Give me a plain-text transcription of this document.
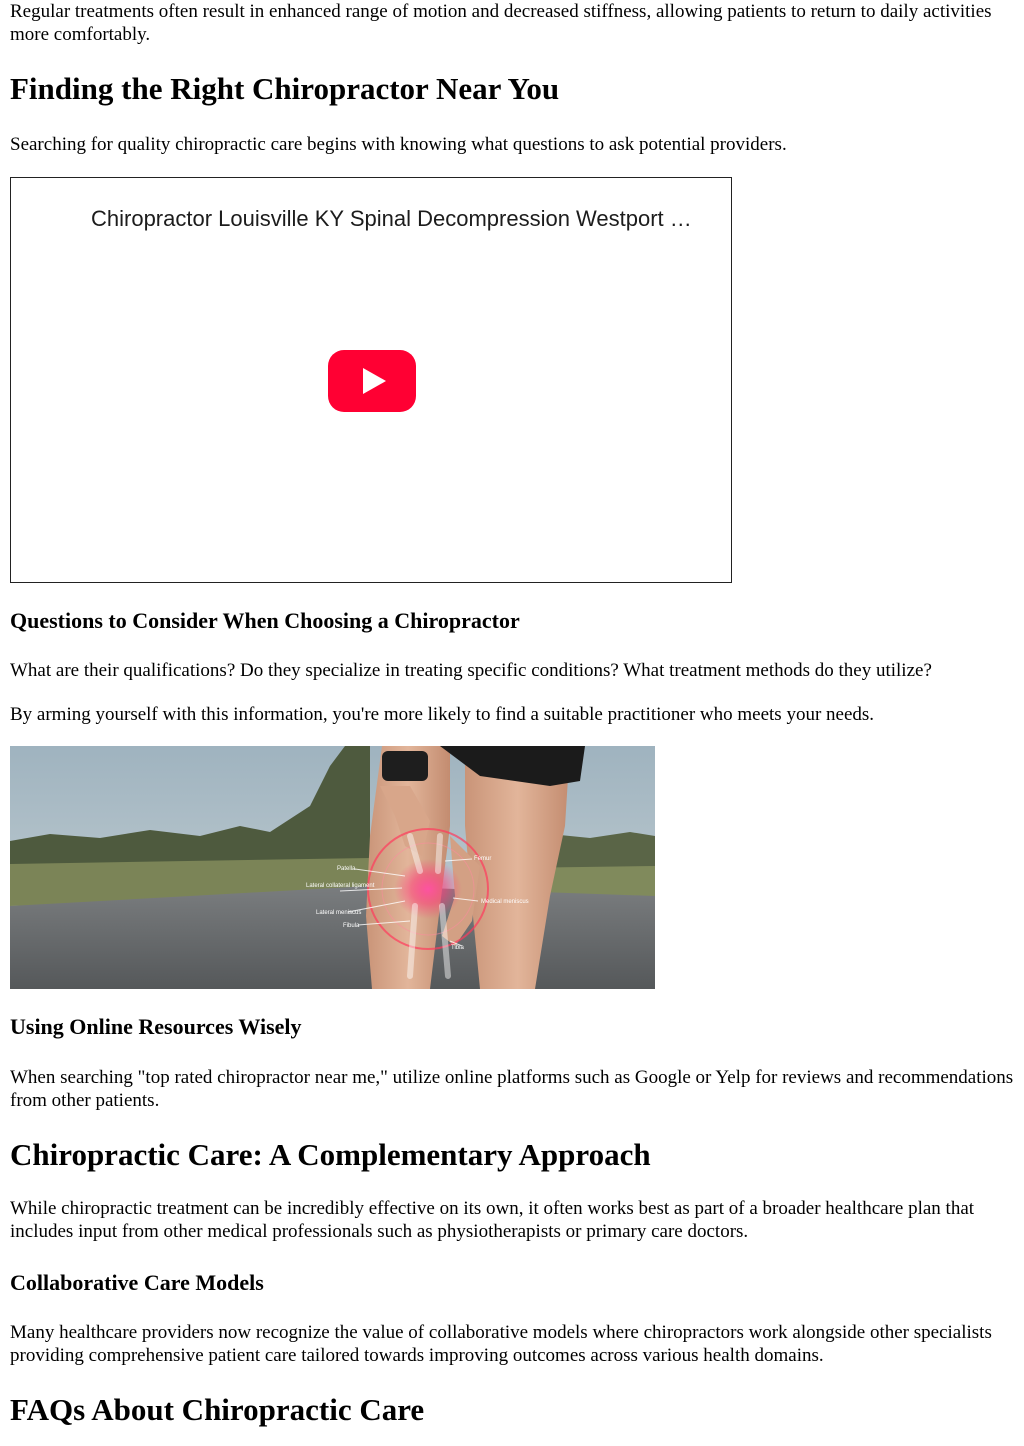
Regular treatments often result in enhanced range of motion and decreased stiffness, allowing patients to return to daily activities more comfortably.

Finding the Right Chiropractor Near You

Searching for quality chiropractic care begins with knowing what questions to ask potential providers.

Chiropractor Louisville KY Spinal Decompression Westport …
Questions to Consider When Choosing a Chiropractor

What are their qualifications? Do they specialize in treating specific conditions? What treatment methods do they utilize?

By arming yourself with this information, you're more likely to find a suitable practitioner who meets your needs.

Patella
Lateral collateral ligament
Lateral meniscus
Fibula
Medical meniscus
Tibia
Femur
Using Online Resources Wisely

When searching "top rated chiropractor near me," utilize online platforms such as Google or Yelp for reviews and recommendations from other patients.

Chiropractic Care: A Complementary Approach

While chiropractic treatment can be incredibly effective on its own, it often works best as part of a broader healthcare plan that includes input from other medical professionals such as physiotherapists or primary care doctors.

Collaborative Care Models

Many healthcare providers now recognize the value of collaborative models where chiropractors work alongside other specialists providing comprehensive patient care tailored towards improving outcomes across various health domains.

FAQs About Chiropractic Care
